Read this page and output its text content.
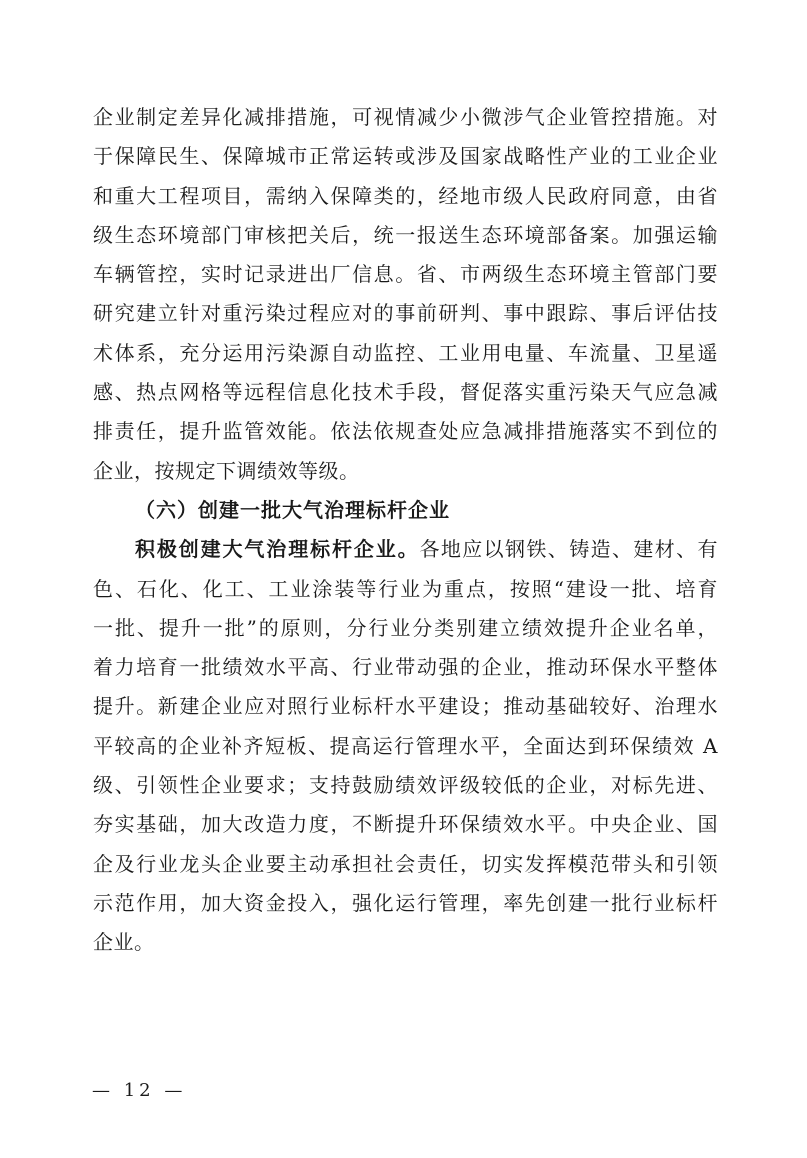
企业制定差异化减排措施，可视情减少小微涉气企业管控措施。对
于保障民生、保障城市正常运转或涉及国家战略性产业的工业企业
和重大工程项目，需纳入保障类的，经地市级人民政府同意，由省
级生态环境部门审核把关后，统一报送生态环境部备案。加强运输
车辆管控，实时记录进出厂信息。省、市两级生态环境主管部门要
研究建立针对重污染过程应对的事前研判、事中跟踪、事后评估技
术体系，充分运用污染源自动监控、工业用电量、车流量、卫星遥
感、热点网格等远程信息化技术手段，督促落实重污染天气应急减
排责任，提升监管效能。依法依规查处应急减排措施落实不到位的
企业，按规定下调绩效等级。
（六）创建一批大气治理标杆企业
积极创建大气治理标杆企业。各地应以钢铁、铸造、建材、有
色、石化、化工、工业涂装等行业为重点，按照“建设一批、培育
一批、提升一批”的原则，分行业分类别建立绩效提升企业名单，
着力培育一批绩效水平高、行业带动强的企业，推动环保水平整体
提升。新建企业应对照行业标杆水平建设；推动基础较好、治理水
平较高的企业补齐短板、提高运行管理水平，全面达到环保绩效 A
级、引领性企业要求；支持鼓励绩效评级较低的企业，对标先进、
夯实基础，加大改造力度，不断提升环保绩效水平。中央企业、国
企及行业龙头企业要主动承担社会责任，切实发挥模范带头和引领
示范作用，加大资金投入，强化运行管理，率先创建一批行业标杆
企业。
— 12 —
